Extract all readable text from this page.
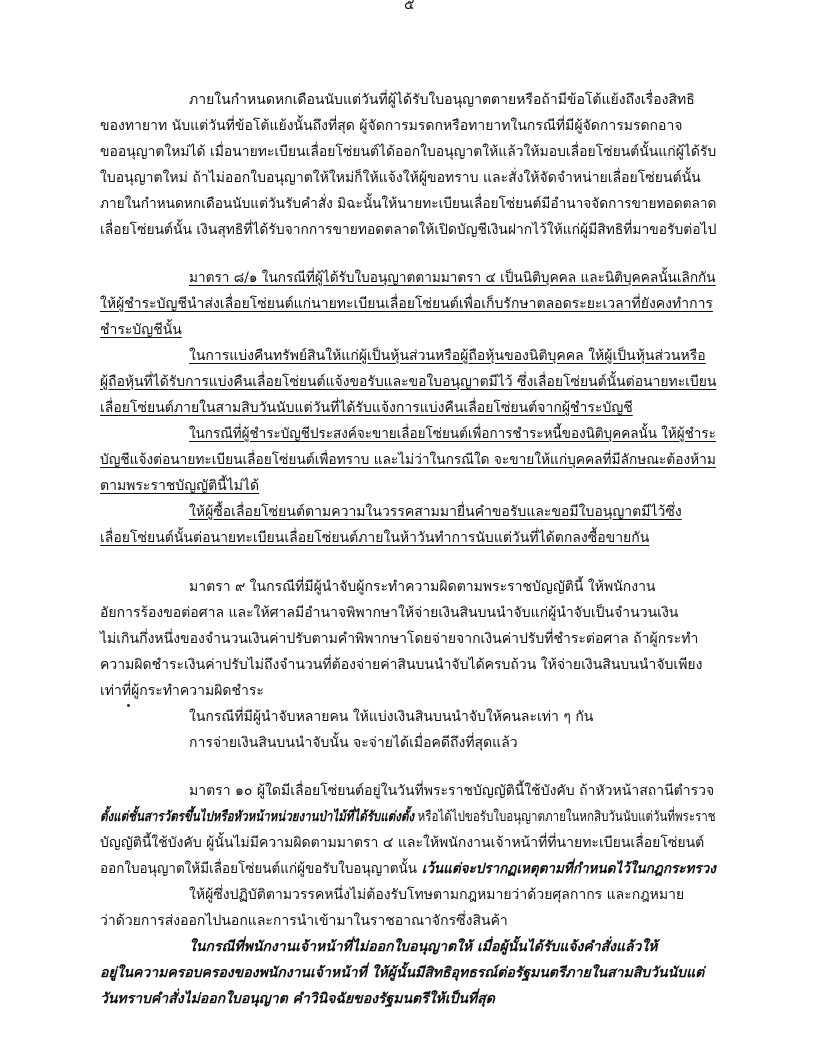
๕
ภายในกำหนดหกเดือนนับแต่วันที่ผู้ได้รับใบอนุญาตตายหรือถ้ามีข้อโต้แย้งถึงเรื่องสิทธิ
ของทายาท นับแต่วันที่ข้อโต้แย้งนั้นถึงที่สุด ผู้จัดการมรดกหรือทายาทในกรณีที่มีผู้จัดการมรดกอาจ
ขออนุญาตใหม่ได้ เมื่อนายทะเบียนเลื่อยโซ่ยนต์ได้ออกใบอนุญาตให้แล้วให้มอบเลื่อยโซ่ยนต์นั้นแก่ผู้ได้รับ
ใบอนุญาตใหม่ ถ้าไม่ออกใบอนุญาตให้ใหม่ก็ให้แจ้งให้ผู้ขอทราบ และสั่งให้จัดจำหน่ายเลื่อยโซ่ยนต์นั้น
ภายในกำหนดหกเดือนนับแต่วันรับคำสั่ง มิฉะนั้นให้นายทะเบียนเลื่อยโซ่ยนต์มีอำนาจจัดการขายทอดตลาด
เลื่อยโซ่ยนต์นั้น เงินสุทธิที่ได้รับจากการขายทอดตลาดให้เปิดบัญชีเงินฝากไว้ให้แก่ผู้มีสิทธิที่มาขอรับต่อไป
มาตรา ๘/๑ ในกรณีที่ผู้ได้รับใบอนุญาตตามมาตรา ๔ เป็นนิติบุคคล และนิติบุคคลนั้นเลิกกัน
ให้ผู้ชำระบัญชีนำส่งเลื่อยโซ่ยนต์แก่นายทะเบียนเลื่อยโซ่ยนต์เพื่อเก็บรักษาตลอดระยะเวลาที่ยังคงทำการ
ชำระบัญชีนั้น
ในการแบ่งคืนทรัพย์สินให้แก่ผู้เป็นหุ้นส่วนหรือผู้ถือหุ้นของนิติบุคคล ให้ผู้เป็นหุ้นส่วนหรือ
ผู้ถือหุ้นที่ได้รับการแบ่งคืนเลื่อยโซ่ยนต์แจ้งขอรับและขอใบอนุญาตมีไว้ ซึ่งเลื่อยโซ่ยนต์นั้นต่อนายทะเบียน
เลื่อยโซ่ยนต์ภายในสามสิบวันนับแต่วันที่ได้รับแจ้งการแบ่งคืนเลื่อยโซ่ยนต์จากผู้ชำระบัญชี
ในกรณีที่ผู้ชำระบัญชีประสงค์จะขายเลื่อยโซ่ยนต์เพื่อการชำระหนี้ของนิติบุคคลนั้น ให้ผู้ชำระ
บัญชีแจ้งต่อนายทะเบียนเลื่อยโซ่ยนต์เพื่อทราบ และไม่ว่าในกรณีใด จะขายให้แก่บุคคลที่มีลักษณะต้องห้าม
ตามพระราชบัญญัตินี้ไม่ได้
ให้ผู้ซื้อเลื่อยโซ่ยนต์ตามความในวรรคสามมายื่นคำขอรับและขอมีใบอนุญาตมีไว้ซึ่ง
เลื่อยโซ่ยนต์นั้นต่อนายทะเบียนเลื่อยโซ่ยนต์ภายในห้าวันทำการนับแต่วันที่ได้ตกลงซื้อขายกัน
มาตรา ๙ ในกรณีที่มีผู้นำจับผู้กระทำความผิดตามพระราชบัญญัตินี้ ให้พนักงาน
อัยการร้องขอต่อศาล และให้ศาลมีอำนาจพิพากษาให้จ่ายเงินสินบนนำจับแก่ผู้นำจับเป็นจำนวนเงิน
ไม่เกินกึ่งหนึ่งของจำนวนเงินค่าปรับตามคำพิพากษาโดยจ่ายจากเงินค่าปรับที่ชำระต่อศาล ถ้าผู้กระทำ
ความผิดชำระเงินค่าปรับไม่ถึงจำนวนที่ต้องจ่ายค่าสินบนนำจับได้ครบถ้วน ให้จ่ายเงินสินบนนำจับเพียง
เท่าที่ผู้กระทำความผิดชำระ
ในกรณีที่มีผู้นำจับหลายคน ให้แบ่งเงินสินบนนำจับให้คนละเท่า ๆ กัน
การจ่ายเงินสินบนนำจับนั้น จะจ่ายได้เมื่อคดีถึงที่สุดแล้ว
มาตรา ๑๐ ผู้ใดมีเลื่อยโซ่ยนต์อยู่ในวันที่พระราชบัญญัตินี้ใช้บังคับ ถ้าหัวหน้าสถานีตำรวจ
ตั้งแต่ชั้นสารวัตรขึ้นไปหรือหัวหน้าหน่วยงานป่าไม้ที่ได้รับแต่งตั้ง หรือได้ไปขอรับใบอนุญาตภายในหกสิบวันนับแต่วันที่พระราช
บัญญัตินี้ใช้บังคับ ผู้นั้นไม่มีความผิดตามมาตรา ๔ และให้พนักงานเจ้าหน้าที่ที่นายทะเบียนเลื่อยโซ่ยนต์
ออกใบอนุญาตให้มีเลื่อยโซ่ยนต์แก่ผู้ขอรับใบอนุญาตนั้น เว้นแต่จะปรากฏเหตุตามที่กำหนดไว้ในกฎกระทรวง
ให้ผู้ซึ่งปฏิบัติตามวรรคหนึ่งไม่ต้องรับโทษตามกฎหมายว่าด้วยศุลกากร และกฎหมาย
ว่าด้วยการส่งออกไปนอกและการนำเข้ามาในราชอาณาจักรซึ่งสินค้า
ในกรณีที่พนักงานเจ้าหน้าที่ไม่ออกใบอนุญาตให้ เมื่อผู้นั้นได้รับแจ้งคำสั่งแล้วให้
อยู่ในความครอบครองของพนักงานเจ้าหน้าที่ ให้ผู้นั้นมีสิทธิอุทธรณ์ต่อรัฐมนตรีภายในสามสิบวันนับแต่
วันทราบคำสั่งไม่ออกใบอนุญาต คำวินิจฉัยของรัฐมนตรีให้เป็นที่สุด
